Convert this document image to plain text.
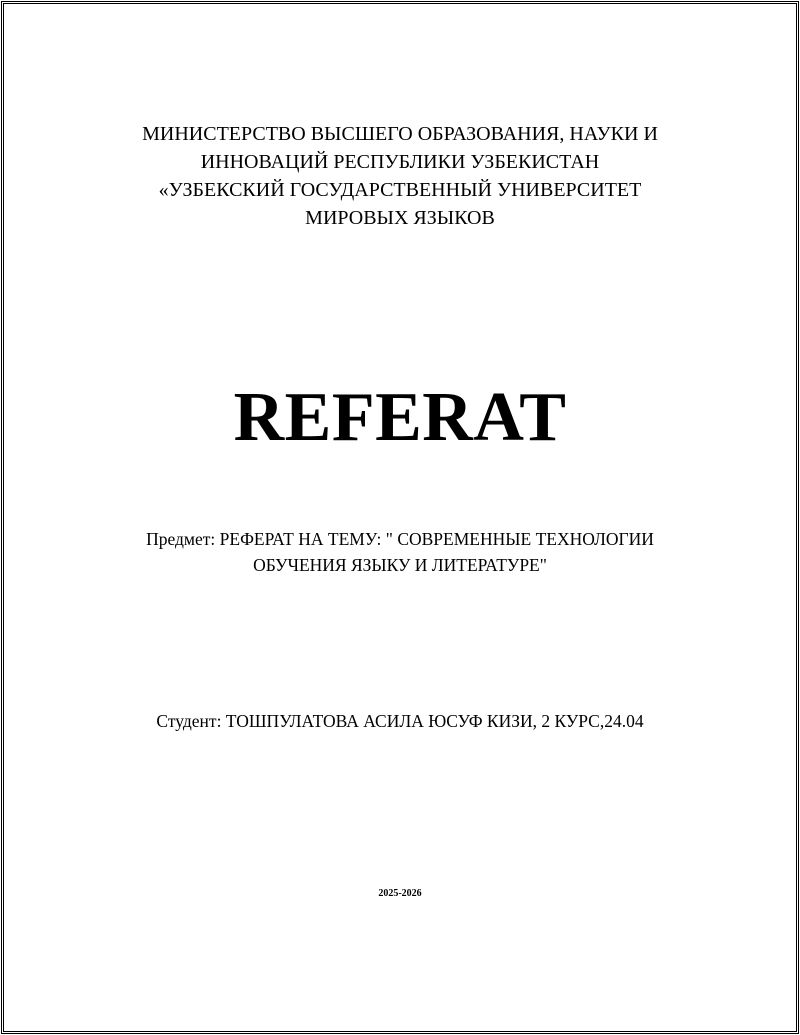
МИНИСТЕРСТВО ВЫСШЕГО ОБРАЗОВАНИЯ, НАУКИ И
ИННОВАЦИЙ РЕСПУБЛИКИ УЗБЕКИСТАН
«УЗБЕКСКИЙ ГОСУДАРСТВЕННЫЙ УНИВЕРСИТЕТ
МИРОВЫХ ЯЗЫКОВ
REFERAT
Предмет: РЕФЕРАТ НА ТЕМУ: " СОВРЕМЕННЫЕ ТЕХНОЛОГИИ
ОБУЧЕНИЯ ЯЗЫКУ И ЛИТЕРАТУРЕ"
Студент: ТОШПУЛАТОВА АСИЛА ЮСУФ КИЗИ, 2 КУРС,24.04
2025-2026
